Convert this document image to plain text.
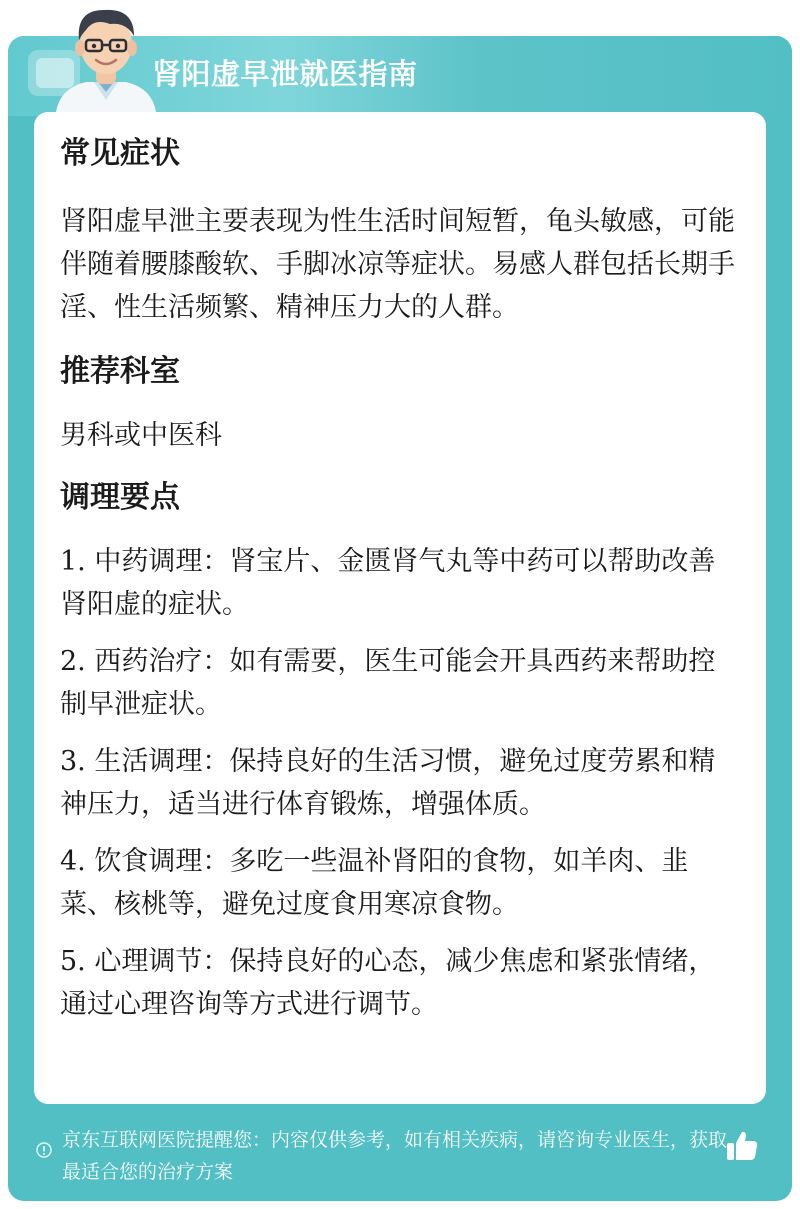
肾阳虚早泄就医指南
常见症状
肾阳虚早泄主要表现为性生活时间短暂，龟头敏感，可能伴随着腰膝酸软、手脚冰凉等症状。易感人群包括长期手淫、性生活频繁、精神压力大的人群。
推荐科室
男科或中医科
调理要点
1. 中药调理：肾宝片、金匮肾气丸等中药可以帮助改善肾阳虚的症状。
2. 西药治疗：如有需要，医生可能会开具西药来帮助控制早泄症状。
3. 生活调理：保持良好的生活习惯，避免过度劳累和精神压力，适当进行体育锻炼，增强体质。
4. 饮食调理：多吃一些温补肾阳的食物，如羊肉、韭菜、核桃等，避免过度食用寒凉食物。
5. 心理调节：保持良好的心态，减少焦虑和紧张情绪，通过心理咨询等方式进行调节。
京东互联网医院提醒您：内容仅供参考，如有相关疾病，请咨询专业医生，获取最适合您的治疗方案
